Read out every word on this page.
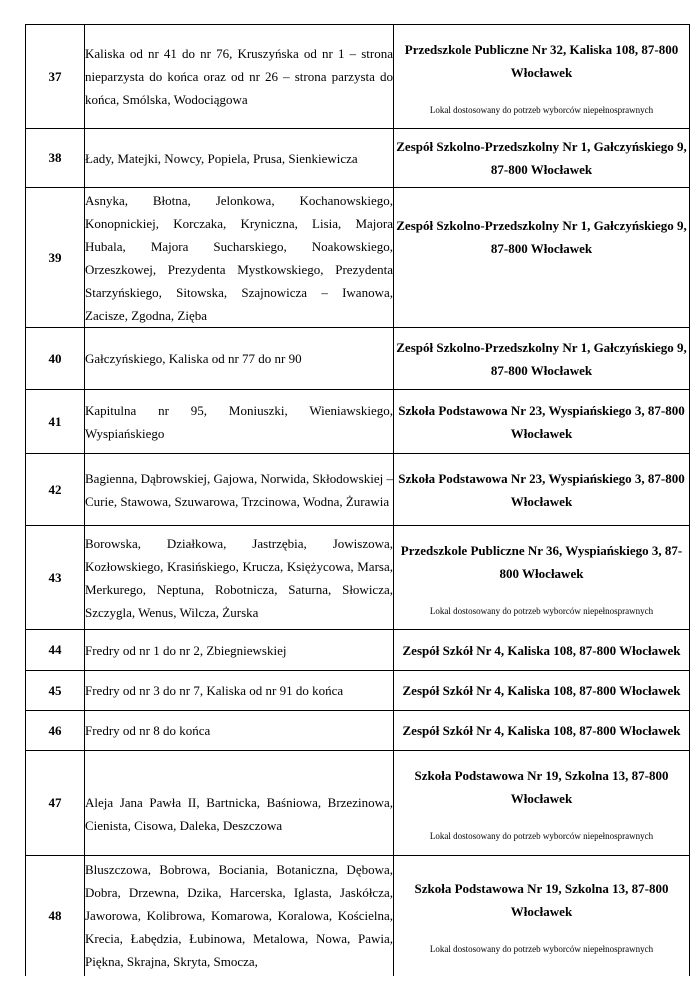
37	Kaliska od nr 41 do nr 76, Kruszyńska od nr 1 – strona nieparzysta do końca oraz od nr 26 – strona parzysta do końca, Smólska, Wodociągowa	Przedszkole Publiczne Nr 32, Kaliska 108, 87-800 Włocławek
Lokal dostosowany do potrzeb wyborców niepełnosprawnych

38	Łady, Matejki, Nowcy, Popiela, Prusa, Sienkiewicza	Zespół Szkolno-Przedszkolny Nr 1, Gałczyńskiego 9, 87-800 Włocławek

39	Asnyka, Błotna, Jelonkowa, Kochanowskiego, Konopnickiej, Korczaka, Kryniczna, Lisia, Majora Hubala, Majora Sucharskiego, Noakowskiego, Orzeszkowej, Prezydenta Mystkowskiego, Prezydenta Starzyńskiego, Sitowska, Szajnowicza – Iwanowa, Zacisze, Zgodna, Zięba	Zespół Szkolno-Przedszkolny Nr 1, Gałczyńskiego 9, 87-800 Włocławek

40	Gałczyńskiego, Kaliska od nr 77 do nr 90	Zespół Szkolno-Przedszkolny Nr 1, Gałczyńskiego 9, 87-800 Włocławek

41	Kapitulna nr 95, Moniuszki, Wieniawskiego, Wyspiańskiego	Szkoła Podstawowa Nr 23, Wyspiańskiego 3, 87-800 Włocławek

42	Bagienna, Dąbrowskiej, Gajowa, Norwida, Skłodowskiej – Curie, Stawowa, Szuwarowa, Trzcinowa, Wodna, Żurawia	Szkoła Podstawowa Nr 23, Wyspiańskiego 3, 87-800 Włocławek

43	Borowska, Działkowa, Jastrzębia, Jowiszowa, Kozłowskiego, Krasińskiego, Krucza, Księżycowa, Marsa, Merkurego, Neptuna, Robotnicza, Saturna, Słowicza, Szczygla, Wenus, Wilcza, Żurska	Przedszkole Publiczne Nr 36, Wyspiańskiego 3, 87-800 Włocławek
Lokal dostosowany do potrzeb wyborców niepełnosprawnych

44	Fredry od nr 1 do nr 2, Zbiegniewskiej	Zespół Szkół Nr 4, Kaliska 108, 87-800 Włocławek

45	Fredry od nr 3 do nr 7, Kaliska od nr 91 do końca	Zespół Szkół Nr 4, Kaliska 108, 87-800 Włocławek

46	Fredry od nr 8 do końca	Zespół Szkół Nr 4, Kaliska 108, 87-800 Włocławek

47	Aleja Jana Pawła II, Bartnicka, Baśniowa, Brzezinowa, Cienista, Cisowa, Daleka, Deszczowa	Szkoła Podstawowa Nr 19, Szkolna 13, 87-800 Włocławek
Lokal dostosowany do potrzeb wyborców niepełnosprawnych

48	Bluszczowa, Bobrowa, Bociania, Botaniczna, Dębowa, Dobra, Drzewna, Dzika, Harcerska, Iglasta, Jaskółcza, Jaworowa, Kolibrowa, Komarowa, Koralowa, Kościelna, Krecia, Łabędzia, Łubinowa, Metalowa, Nowa, Pawia, Piękna, Skrajna, Skryta, Smocza,	Szkoła Podstawowa Nr 19, Szkolna 13, 87-800 Włocławek
Lokal dostosowany do potrzeb wyborców niepełnosprawnych
